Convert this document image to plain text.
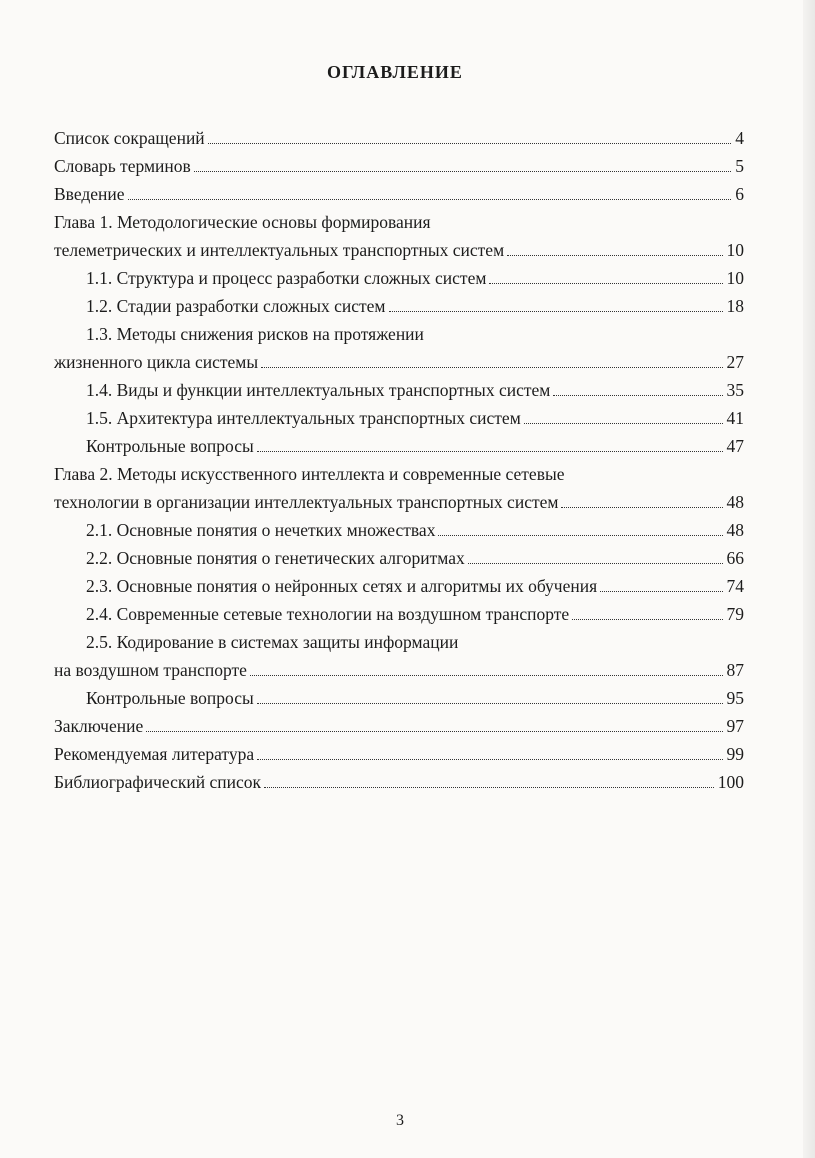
ОГЛАВЛЕНИЕ
Список сокращений	4
Словарь терминов	5
Введение	6
Глава 1. Методологические основы формирования
телеметрических и интеллектуальных транспортных систем	10
1.1. Структура и процесс разработки сложных систем	10
1.2. Стадии разработки сложных систем	18
1.3. Методы снижения рисков на протяжении
жизненного цикла системы	27
1.4. Виды и функции интеллектуальных транспортных систем	35
1.5. Архитектура интеллектуальных транспортных систем	41
Контрольные вопросы	47
Глава 2. Методы искусственного интеллекта и современные сетевые
технологии в организации интеллектуальных транспортных систем	48
2.1. Основные понятия о нечетких множествах	48
2.2. Основные понятия о генетических алгоритмах	66
2.3. Основные понятия о нейронных сетях и алгоритмы их обучения	74
2.4. Современные сетевые технологии на воздушном транспорте	79
2.5. Кодирование в системах защиты информации
на воздушном транспорте	87
Контрольные вопросы	95
Заключение	97
Рекомендуемая литература	99
Библиографический список	100
3
